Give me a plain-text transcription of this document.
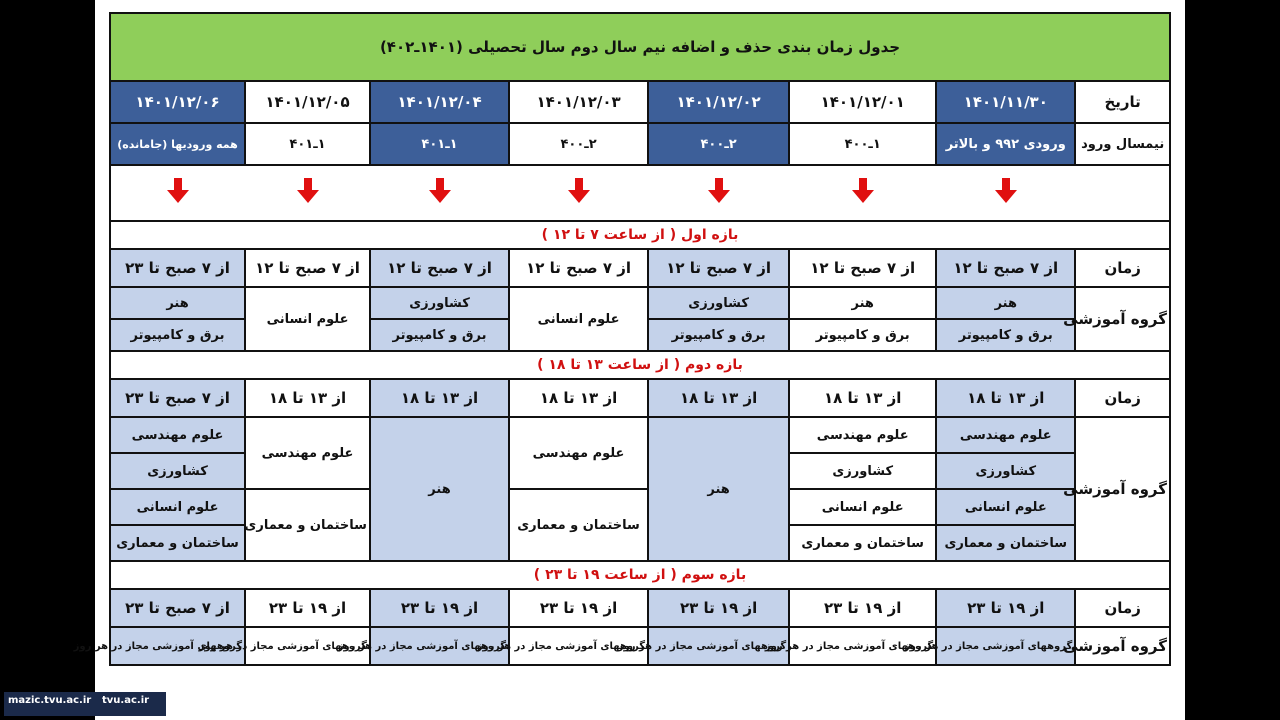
جدول زمان بندی حذف و اضافه نیم سال دوم سال تحصیلی (۱۴۰۱ـ۴۰۲)							
تاریخ	۱۴۰۱/۱۱/۳۰	۱۴۰۱/۱۲/۰۱	۱۴۰۱/۱۲/۰۲	۱۴۰۱/۱۲/۰۳	۱۴۰۱/۱۲/۰۴	۱۴۰۱/۱۲/۰۵	۱۴۰۱/۱۲/۰۶
نیمسال ورود	ورودی ۹۹۲ و بالاتر	۱ـ۴۰۰	۲ـ۴۰۰	۲ـ۴۰۰	۱ـ۴۰۱	۱ـ۴۰۱	همه ورودیها (جامانده)

بازه اول ( از ساعت ۷ تا ۱۲ )							
زمان	از ۷ صبح تا ۱۲	از ۷ صبح تا ۱۲	از ۷ صبح تا ۱۲	از ۷ صبح تا ۱۲	از ۷ صبح تا ۱۲	از ۷ صبح تا ۱۲	از ۷ صبح تا ۲۳
گروه آموزشی	هنر	هنر	کشاورزی	علوم انسانی	کشاورزی	علوم انسانی	هنر
	برق و کامپیوتر	برق و کامپیوتر	برق و کامپیوتر		برق و کامپیوتر		برق و کامپیوتر
بازه دوم ( از ساعت ۱۳ تا ۱۸ )							
زمان	از ۱۳ تا ۱۸	از ۱۳ تا ۱۸	از ۱۳ تا ۱۸	از ۱۳ تا ۱۸	از ۱۳ تا ۱۸	از ۱۳ تا ۱۸	از ۷ صبح تا ۲۳
گروه آموزشی	علوم مهندسی	علوم مهندسی	هنر	علوم مهندسی	هنر	علوم مهندسی	علوم مهندسی
	کشاورزی	کشاورزی					کشاورزی
	علوم انسانی	علوم انسانی		ساختمان و معماری		ساختمان و معماری	علوم انسانی
	ساختمان و معماری	ساختمان و معماری					ساختمان و معماری
بازه سوم ( از ساعت ۱۹ تا ۲۳ )							
زمان	از ۱۹ تا ۲۳	از ۱۹ تا ۲۳	از ۱۹ تا ۲۳	از ۱۹ تا ۲۳	از ۱۹ تا ۲۳	از ۱۹ تا ۲۳	از ۷ صبح تا ۲۳
گروه آموزشی	گروههای آموزشی مجاز در هر روز	گروههای آموزشی مجاز در هر روز	گروههای آموزشی مجاز در هر روز	گروههای آموزشی مجاز در هر روز	گروههای آموزشی مجاز در هر روز	گروههای آموزشی مجاز در هر روز	گروههای آموزشی مجاز در هر روز
mazic.tvu.ac.ir	tvu.ac.ir
